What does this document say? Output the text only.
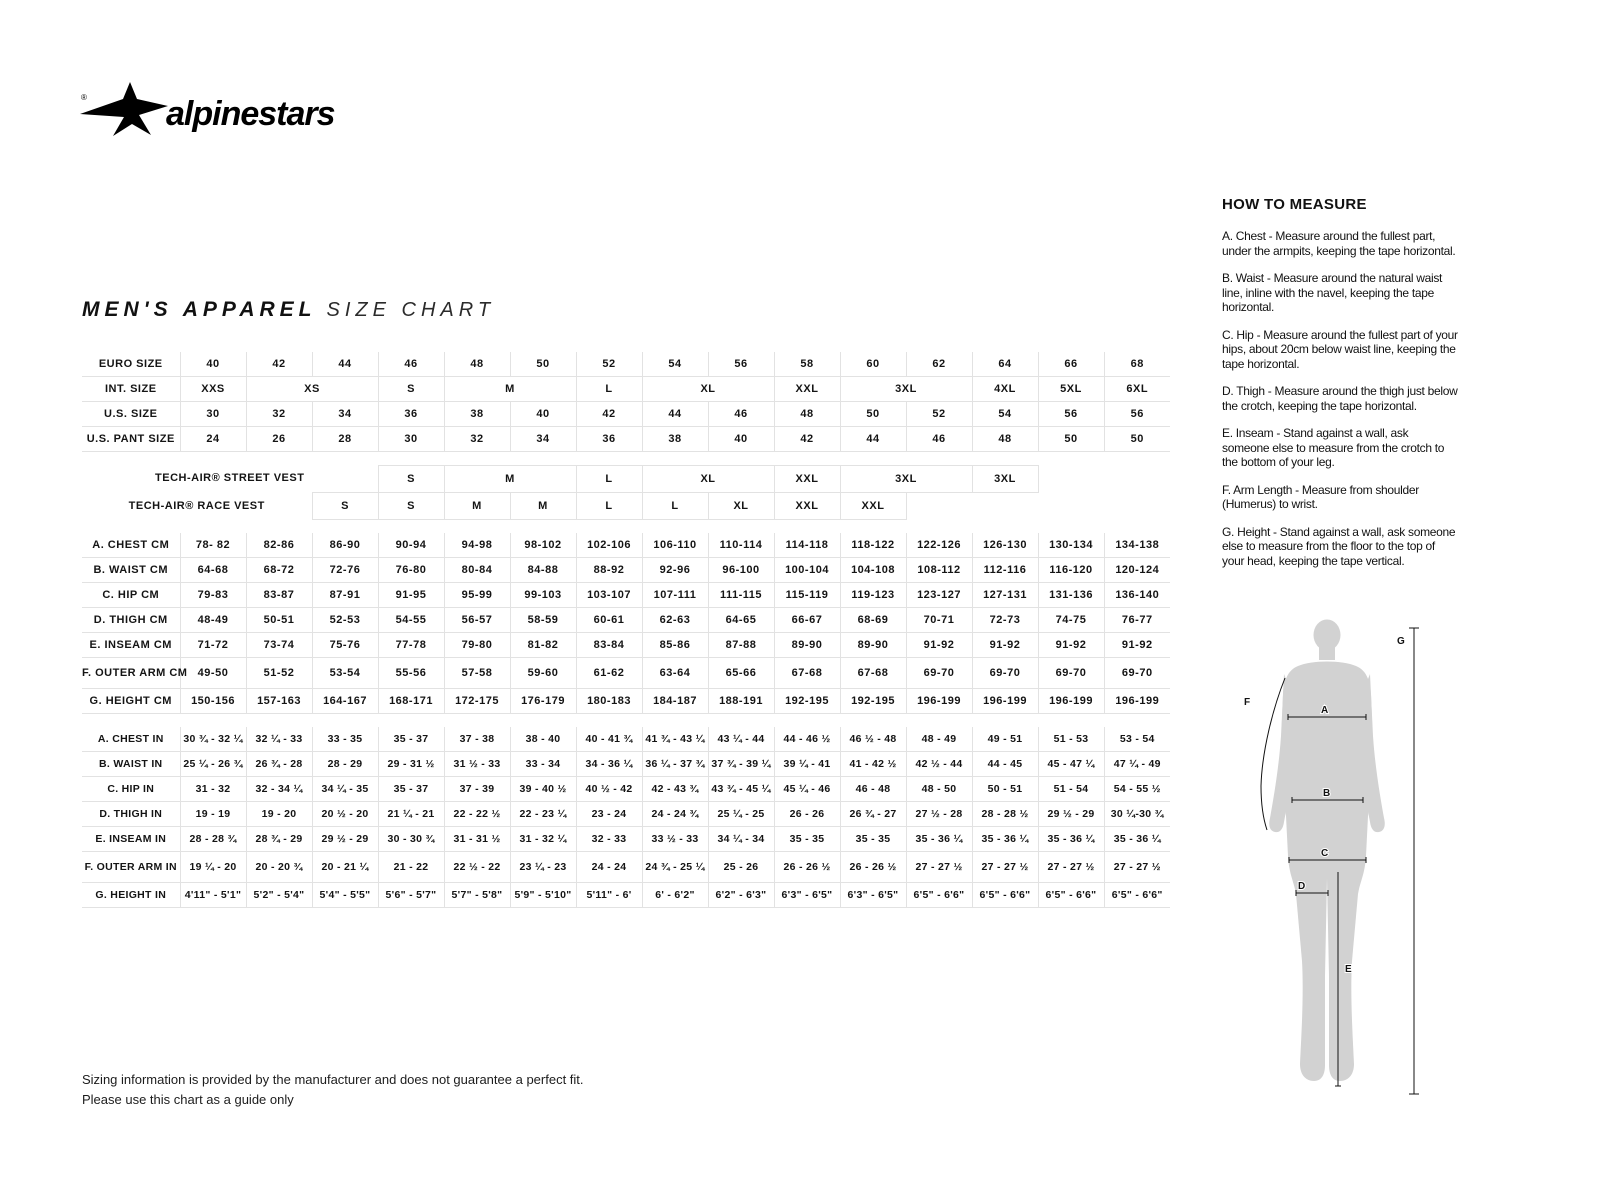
® alpinestars
MEN'S APPAREL SIZE CHART
EURO SIZE	40	42	44	46	48	50	52	54	56	58	60	62	64	66	68
INT. SIZE	XXS	XS		S	M		L	XL		XXL	3XL		4XL	5XL	6XL
U.S. SIZE	30	32	34	36	38	40	42	44	46	48	50	52	54	56	56
U.S. PANT SIZE	24	26	28	30	32	34	36	38	40	42	44	46	48	50	50

TECH-AIR® STREET VEST				S	M		L	XL		XXL	3XL		3XL		
TECH-AIR® RACE VEST			S	S	M	M	L	L	XL	XXL	XXL				

A. CHEST CM	78- 82	82-86	86-90	90-94	94-98	98-102	102-106	106-110	110-114	114-118	118-122	122-126	126-130	130-134	134-138
B. WAIST CM	64-68	68-72	72-76	76-80	80-84	84-88	88-92	92-96	96-100	100-104	104-108	108-112	112-116	116-120	120-124
C. HIP CM	79-83	83-87	87-91	91-95	95-99	99-103	103-107	107-111	111-115	115-119	119-123	123-127	127-131	131-136	136-140
D. THIGH CM	48-49	50-51	52-53	54-55	56-57	58-59	60-61	62-63	64-65	66-67	68-69	70-71	72-73	74-75	76-77
E. INSEAM CM	71-72	73-74	75-76	77-78	79-80	81-82	83-84	85-86	87-88	89-90	89-90	91-92	91-92	91-92	91-92
F. OUTER ARM CM	49-50	51-52	53-54	55-56	57-58	59-60	61-62	63-64	65-66	67-68	67-68	69-70	69-70	69-70	69-70
G. HEIGHT CM	150-156	157-163	164-167	168-171	172-175	176-179	180-183	184-187	188-191	192-195	192-195	196-199	196-199	196-199	196-199

A. CHEST IN	30 ¾ - 32 ¼	32 ¼ - 33	33 - 35	35 - 37	37 - 38	38 - 40	40 - 41 ¾	41 ¾ - 43 ¼	43 ¼ - 44	44 - 46 ½	46 ½ - 48	48 - 49	49 - 51	51 - 53	53 - 54
B. WAIST IN	25 ¼ - 26 ¾	26 ¾ - 28	28 - 29	29 - 31 ½	31 ½ - 33	33 - 34	34 - 36 ¼	36 ¼ - 37 ¾	37 ¾ - 39 ¼	39 ¼ - 41	41 - 42 ½	42 ½ - 44	44 - 45	45 - 47 ¼	47 ¼ - 49
C. HIP IN	31 - 32	32 - 34 ¼	34 ¼ - 35	35 - 37	37 - 39	39 - 40 ½	40 ½ - 42	42 - 43 ¾	43 ¾ - 45 ¼	45 ¼ - 46	46 - 48	48 - 50	50 - 51	51 - 54	54 - 55 ½
D. THIGH IN	19 - 19	19 - 20	20 ½ - 20	21 ¼ - 21	22 - 22 ½	22 - 23 ¼	23 - 24	24 - 24 ¾	25 ¼ - 25	26 - 26	26 ¾ - 27	27 ½ - 28	28 - 28 ½	29 ½ - 29	30 ¼-30 ¾
E. INSEAM IN	28 - 28 ¾	28 ¾ - 29	29 ½ - 29	30 - 30 ¾	31 - 31 ½	31 - 32 ¼	32 - 33	33 ½ - 33	34 ¼ - 34	35 - 35	35 - 35	35 - 36 ¼	35 - 36 ¼	35 - 36 ¼	35 - 36 ¼
F. OUTER ARM IN	19 ¼ - 20	20 - 20 ¾	20 - 21 ¼	21 - 22	22 ½ - 22	23 ¼ - 23	24 - 24	24 ¾ - 25 ¼	25 - 26	26 - 26 ½	26 - 26 ½	27 - 27 ½	27 - 27 ½	27 - 27 ½	27 - 27 ½
G. HEIGHT IN	4'11" - 5'1"	5'2" - 5'4"	5'4" - 5'5"	5'6" - 5'7"	5'7" - 5'8"	5'9" - 5'10"	5'11" - 6'	6' - 6'2"	6'2" - 6'3"	6'3" - 6'5"	6'3" - 6'5"	6'5" - 6'6"	6'5" - 6'6"	6'5" - 6'6"	6'5" - 6'6"
HOW TO MEASURE

A. Chest - Measure around the fullest part, under the armpits, keeping the tape horizontal.

B. Waist - Measure around the natural waist line, inline with the navel, keeping the tape horizontal.

C. Hip - Measure around the fullest part of your hips, about 20cm below waist line, keeping the tape horizontal.

D. Thigh - Measure around the thigh just below the crotch, keeping the tape horizontal.

E. Inseam - Stand against a wall, ask someone else to measure from the crotch to the bottom of your leg.

F. Arm Length - Measure from shoulder (Humerus) to wrist.

G. Height - Stand against a wall, ask someone else to measure from the floor to the top of your head, keeping the tape vertical.

A
B
C
D
E
F
G
Sizing information is provided by the manufacturer and does not guarantee a perfect fit.
Please use this chart as a guide only
